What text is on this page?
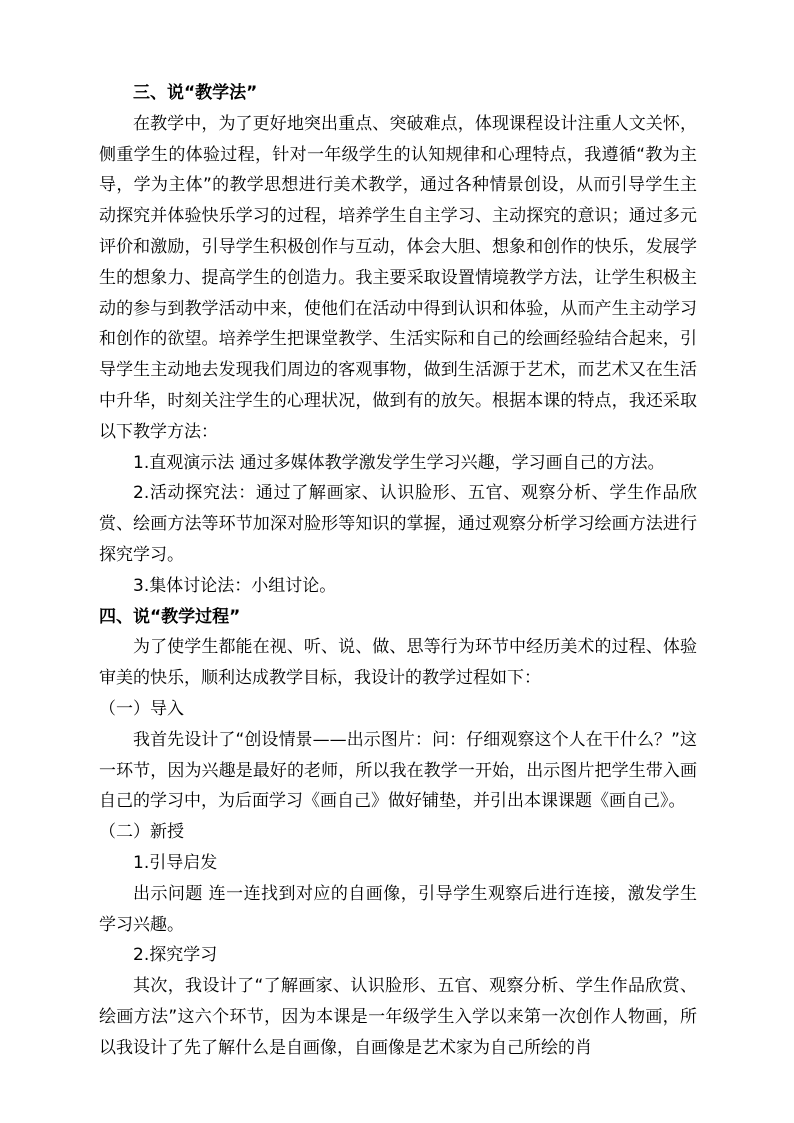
三、说“教学法”

在教学中，为了更好地突出重点、突破难点，体现课程设计注重人文关怀，侧重学生的体验过程，针对一年级学生的认知规律和心理特点，我遵循“教为主导，学为主体”的教学思想进行美术教学，通过各种情景创设，从而引导学生主动探究并体验快乐学习的过程，培养学生自主学习、主动探究的意识；通过多元评价和激励，引导学生积极创作与互动，体会大胆、想象和创作的快乐，发展学生的想象力、提高学生的创造力。我主要采取设置情境教学方法，让学生积极主动的参与到教学活动中来，使他们在活动中得到认识和体验，从而产生主动学习和创作的欲望。培养学生把课堂教学、生活实际和自己的绘画经验结合起来，引导学生主动地去发现我们周边的客观事物，做到生活源于艺术，而艺术又在生活中升华，时刻关注学生的心理状况，做到有的放矢。根据本课的特点，我还采取以下教学方法：

1.直观演示法 通过多媒体教学激发学生学习兴趣，学习画自己的方法。

2.活动探究法：通过了解画家、认识脸形、五官、观察分析、学生作品欣赏、绘画方法等环节加深对脸形等知识的掌握，通过观察分析学习绘画方法进行探究学习。

3.集体讨论法：小组讨论。

四、说“教学过程”

为了使学生都能在视、听、说、做、思等行为环节中经历美术的过程、体验审美的快乐，顺利达成教学目标，我设计的教学过程如下：

（一）导入

我首先设计了“创设情景——出示图片：问：仔细观察这个人在干什么？”这一环节，因为兴趣是最好的老师，所以我在教学一开始，出示图片把学生带入画自己的学习中，为后面学习《画自己》做好铺垫，并引出本课课题《画自己》。

（二）新授

1.引导启发

出示问题 连一连找到对应的自画像，引导学生观察后进行连接，激发学生学习兴趣。

2.探究学习

其次，我设计了“了解画家、认识脸形、五官、观察分析、学生作品欣赏、绘画方法”这六个环节，因为本课是一年级学生入学以来第一次创作人物画，所以我设计了先了解什么是自画像，自画像是艺术家为自己所绘的肖
